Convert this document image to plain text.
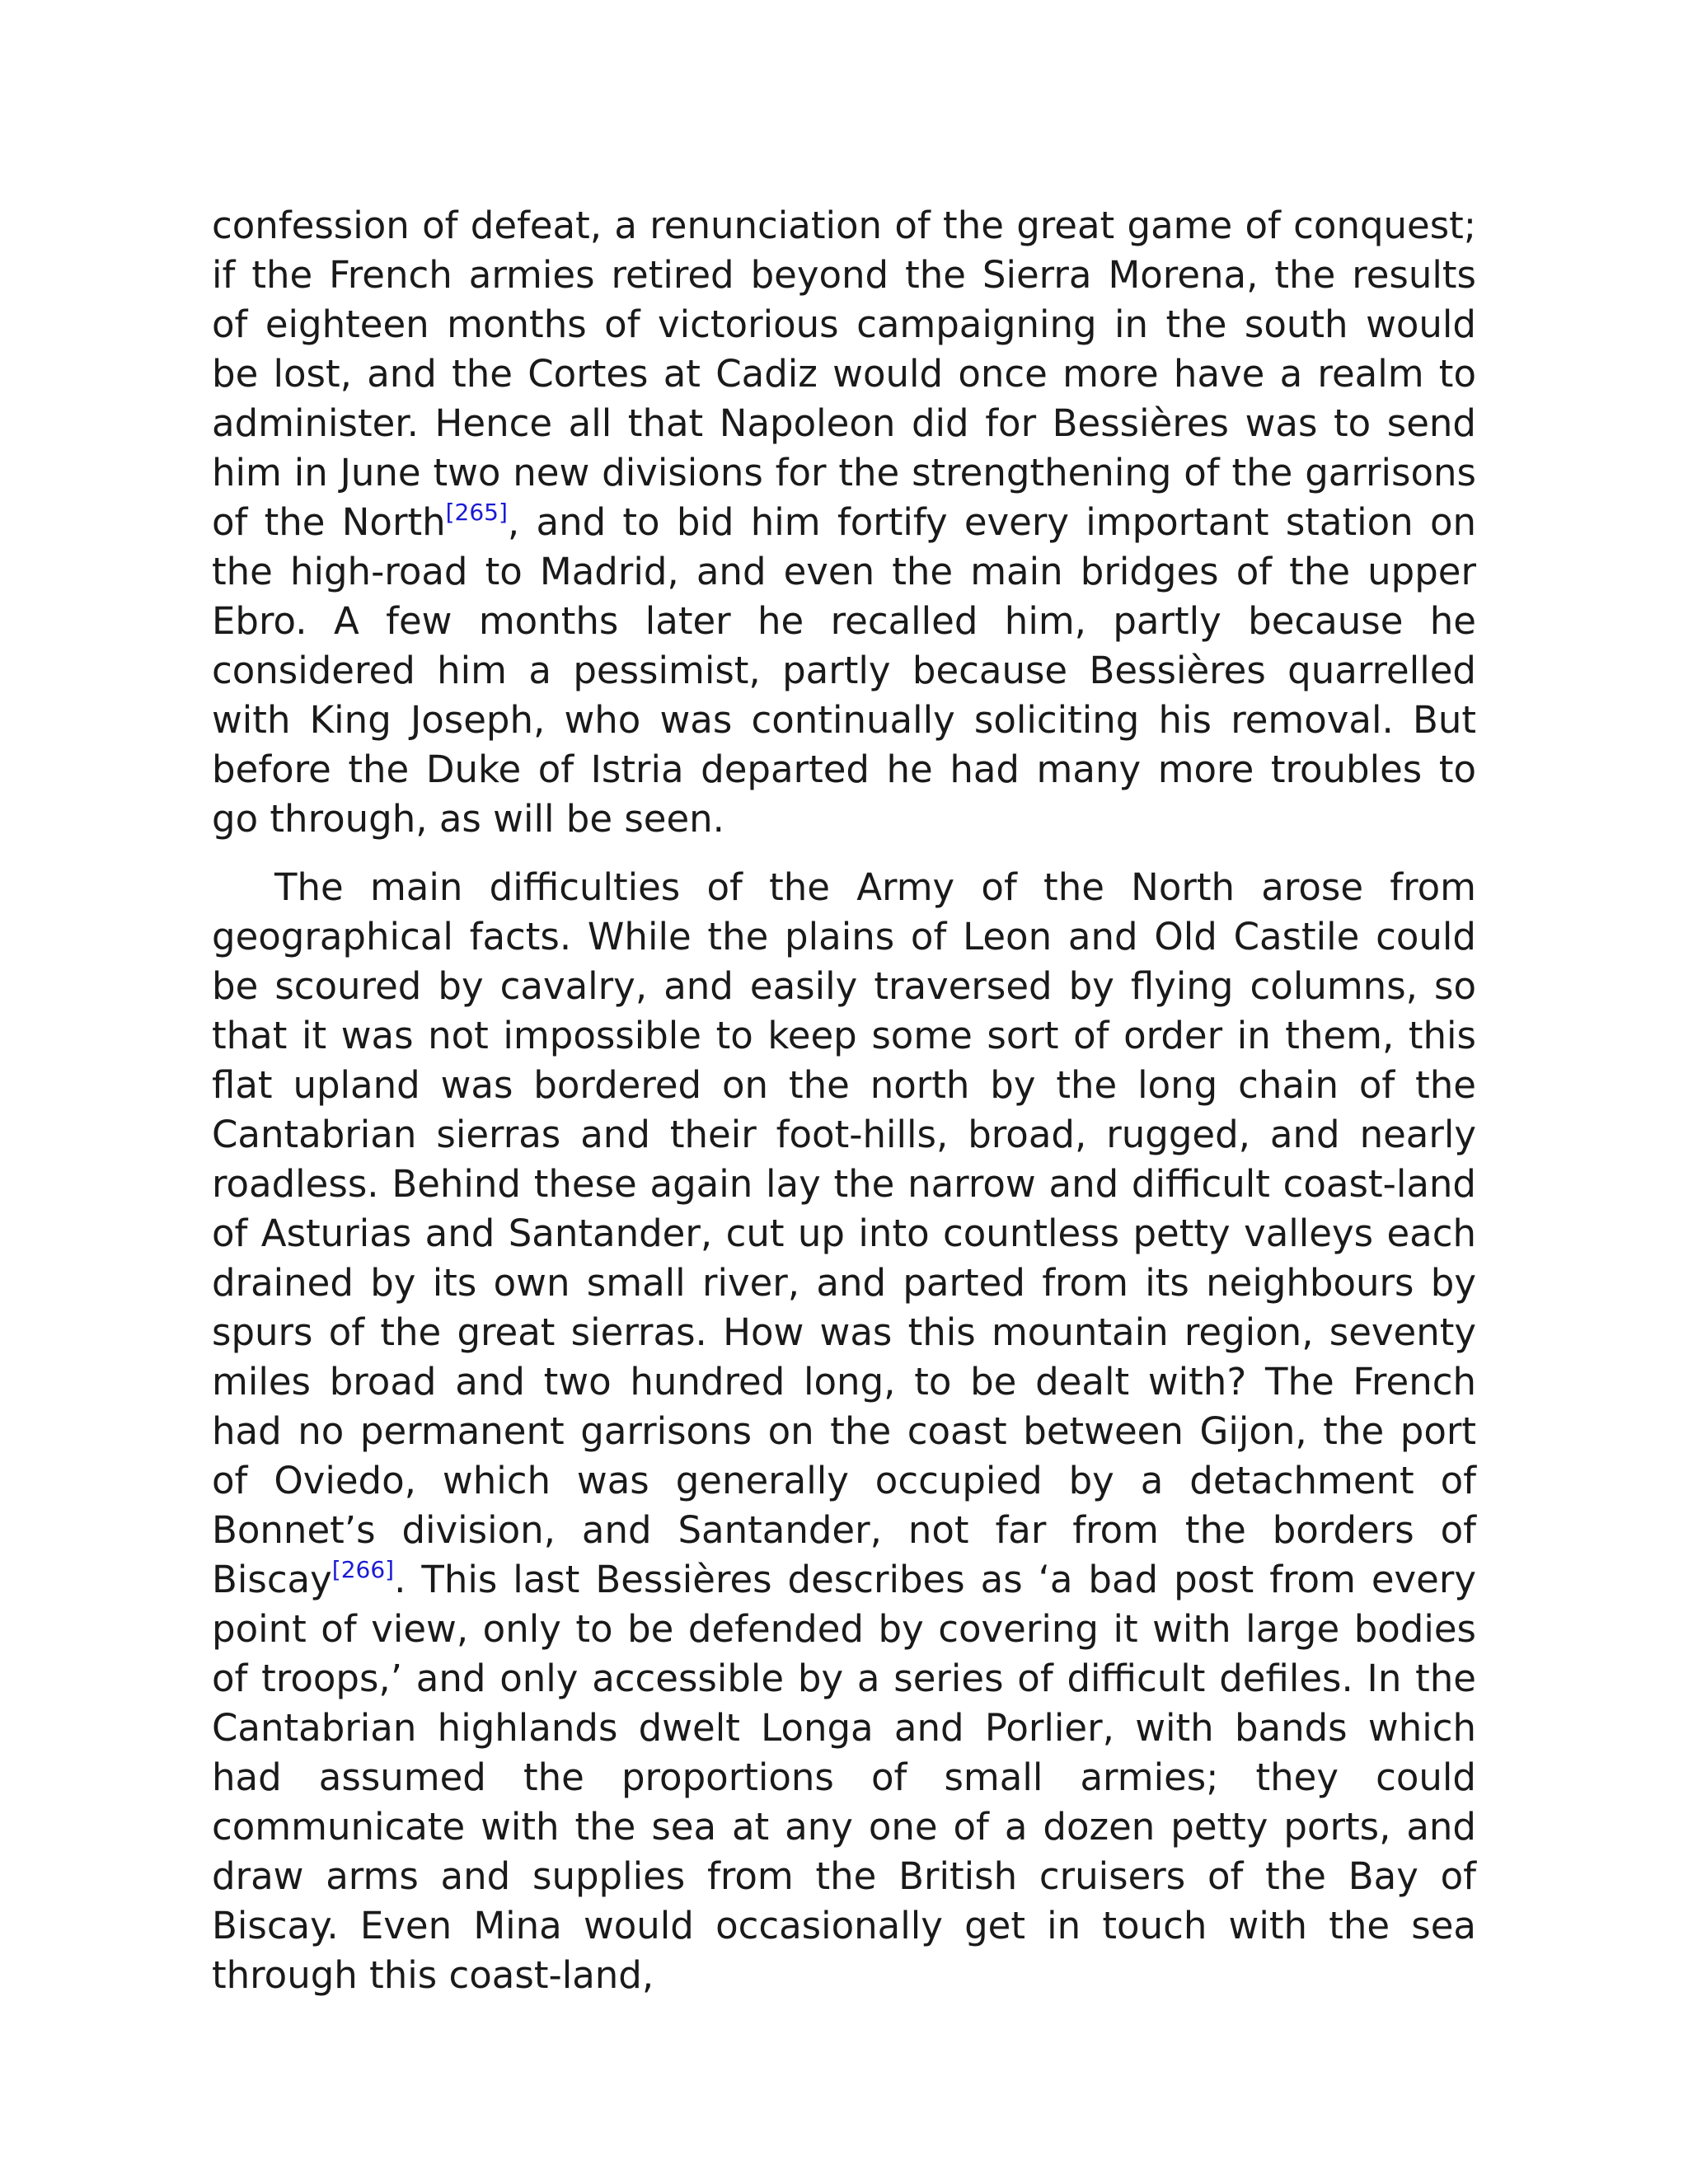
confession of defeat, a renunciation of the great game of conquest; if the French armies retired beyond the Sierra Morena, the results of eighteen months of victorious campaigning in the south would be lost, and the Cortes at Cadiz would once more have a realm to administer. Hence all that Napoleon did for Bessières was to send him in June two new divisions for the strengthening of the garrisons of the North[265], and to bid him fortify every important station on the high-road to Madrid, and even the main bridges of the upper Ebro. A few months later he recalled him, partly because he considered him a pessimist, partly because Bessières quarrelled with King Joseph, who was continually soliciting his removal. But before the Duke of Istria departed he had many more troubles to go through, as will be seen.

The main difficulties of the Army of the North arose from geographical facts. While the plains of Leon and Old Castile could be scoured by cavalry, and easily traversed by flying columns, so that it was not impossible to keep some sort of order in them, this flat upland was bordered on the north by the long chain of the Cantabrian sierras and their foot-hills, broad, rugged, and nearly roadless. Behind these again lay the narrow and difficult coast-land of Asturias and Santander, cut up into countless petty valleys each drained by its own small river, and parted from its neighbours by spurs of the great sierras. How was this mountain region, seventy miles broad and two hundred long, to be dealt with? The French had no permanent garrisons on the coast between Gijon, the port of Oviedo, which was generally occupied by a detachment of Bonnet’s division, and Santander, not far from the borders of Biscay[266]. This last Bessières describes as ‘a bad post from every point of view, only to be defended by covering it with large bodies of troops,’ and only accessible by a series of difficult defiles. In the Cantabrian highlands dwelt Longa and Porlier, with bands which had assumed the proportions of small armies; they could communicate with the sea at any one of a dozen petty ports, and draw arms and supplies from the British cruisers of the Bay of Biscay. Even Mina would occasionally get in touch with the sea through this coast-land,
